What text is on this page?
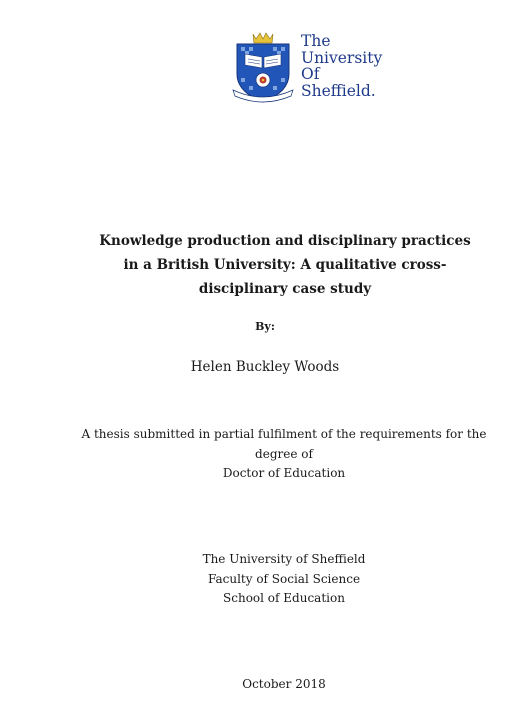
The
University
Of
Sheffield.
Knowledge production and disciplinary practices in a British University: A qualitative cross-disciplinary case study
By:
Helen Buckley Woods
A thesis submitted in partial fulfilment of the requirements for the
degree of
Doctor of Education
The University of Sheffield
Faculty of Social Science
School of Education
October 2018
